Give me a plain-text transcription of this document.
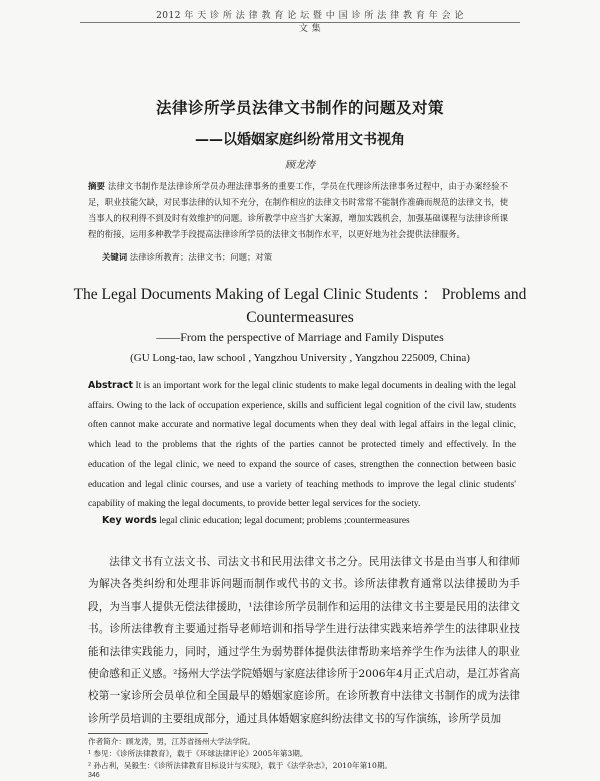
2012 年 天 诊 所 法 律 教 育 论 坛 暨 中 国 诊 所 法 律 教 育 年 会 论 文 集
法律诊所学员法律文书制作的问题及对策
——以婚姻家庭纠纷常用文书视角
顾龙涛
摘要 法律文书制作是法律诊所学员办理法律事务的重要工作，学员在代理诊所法律事务过程中，由于办案经验不足，职业技能欠缺，对民事法律的认知不充分，在制作相应的法律文书时常常不能制作准确而规范的法律文书，使当事人的权利得不到及时有效维护的问题。诊所教学中应当扩大案源，增加实践机会，加强基础课程与法律诊所课程的衔接，运用多种教学手段提高法律诊所学员的法律文书制作水平，以更好地为社会提供法律服务。
关键词 法律诊所教育；法律文书；问题；对策
The Legal Documents Making of Legal Clinic Students ： Problems and Countermeasures
——From the perspective of Marriage and Family Disputes
(GU Long-tao, law school , Yangzhou University , Yangzhou 225009, China)
Abstract It is an important work for the legal clinic students to make legal documents in dealing with the legal affairs. Owing to the lack of occupation experience, skills and sufficient legal cognition of the civil law, students often cannot make accurate and normative legal documents when they deal with legal affairs in the legal clinic, which lead to the problems that the rights of the parties cannot be protected timely and effectively. In the education of the legal clinic, we need to expand the source of cases, strengthen the connection between basic education and legal clinic courses, and use a variety of teaching methods to improve the legal clinic students' capability of making the legal documents, to provide better legal services for the society.
Key words legal clinic education; legal document; problems ;countermeasures
法律文书有立法文书、司法文书和民用法律文书之分。民用法律文书是由当事人和律师为解决各类纠纷和处理非诉问题而制作或代书的文书。诊所法律教育通常以法律援助为手段，为当事人提供无偿法律援助，¹法律诊所学员制作和运用的法律文书主要是民用的法律文书。诊所法律教育主要通过指导老师培训和指导学生进行法律实践来培养学生的法律职业技能和法律实践能力，同时，通过学生为弱势群体提供法律帮助来培养学生作为法律人的职业使命感和正义感。²扬州大学法学院婚姻与家庭法律诊所于2006年4月正式启动，是江苏省高校第一家诊所会员单位和全国最早的婚姻家庭诊所。在诊所教育中法律文书制作的成为法律诊所学员培训的主要组成部分，通过具体婚姻家庭纠纷法律文书的写作演练，诊所学员加
作者简介：顾龙涛，男，江苏省扬州大学法学院。
¹ 参见：《诊所法律教育》，载于《环球法律评论》2005年第3期。
² 孙占利，吴毅生：《诊所法律教育目标设计与实现》，载于《法学杂志》，2010年第10期。
346
